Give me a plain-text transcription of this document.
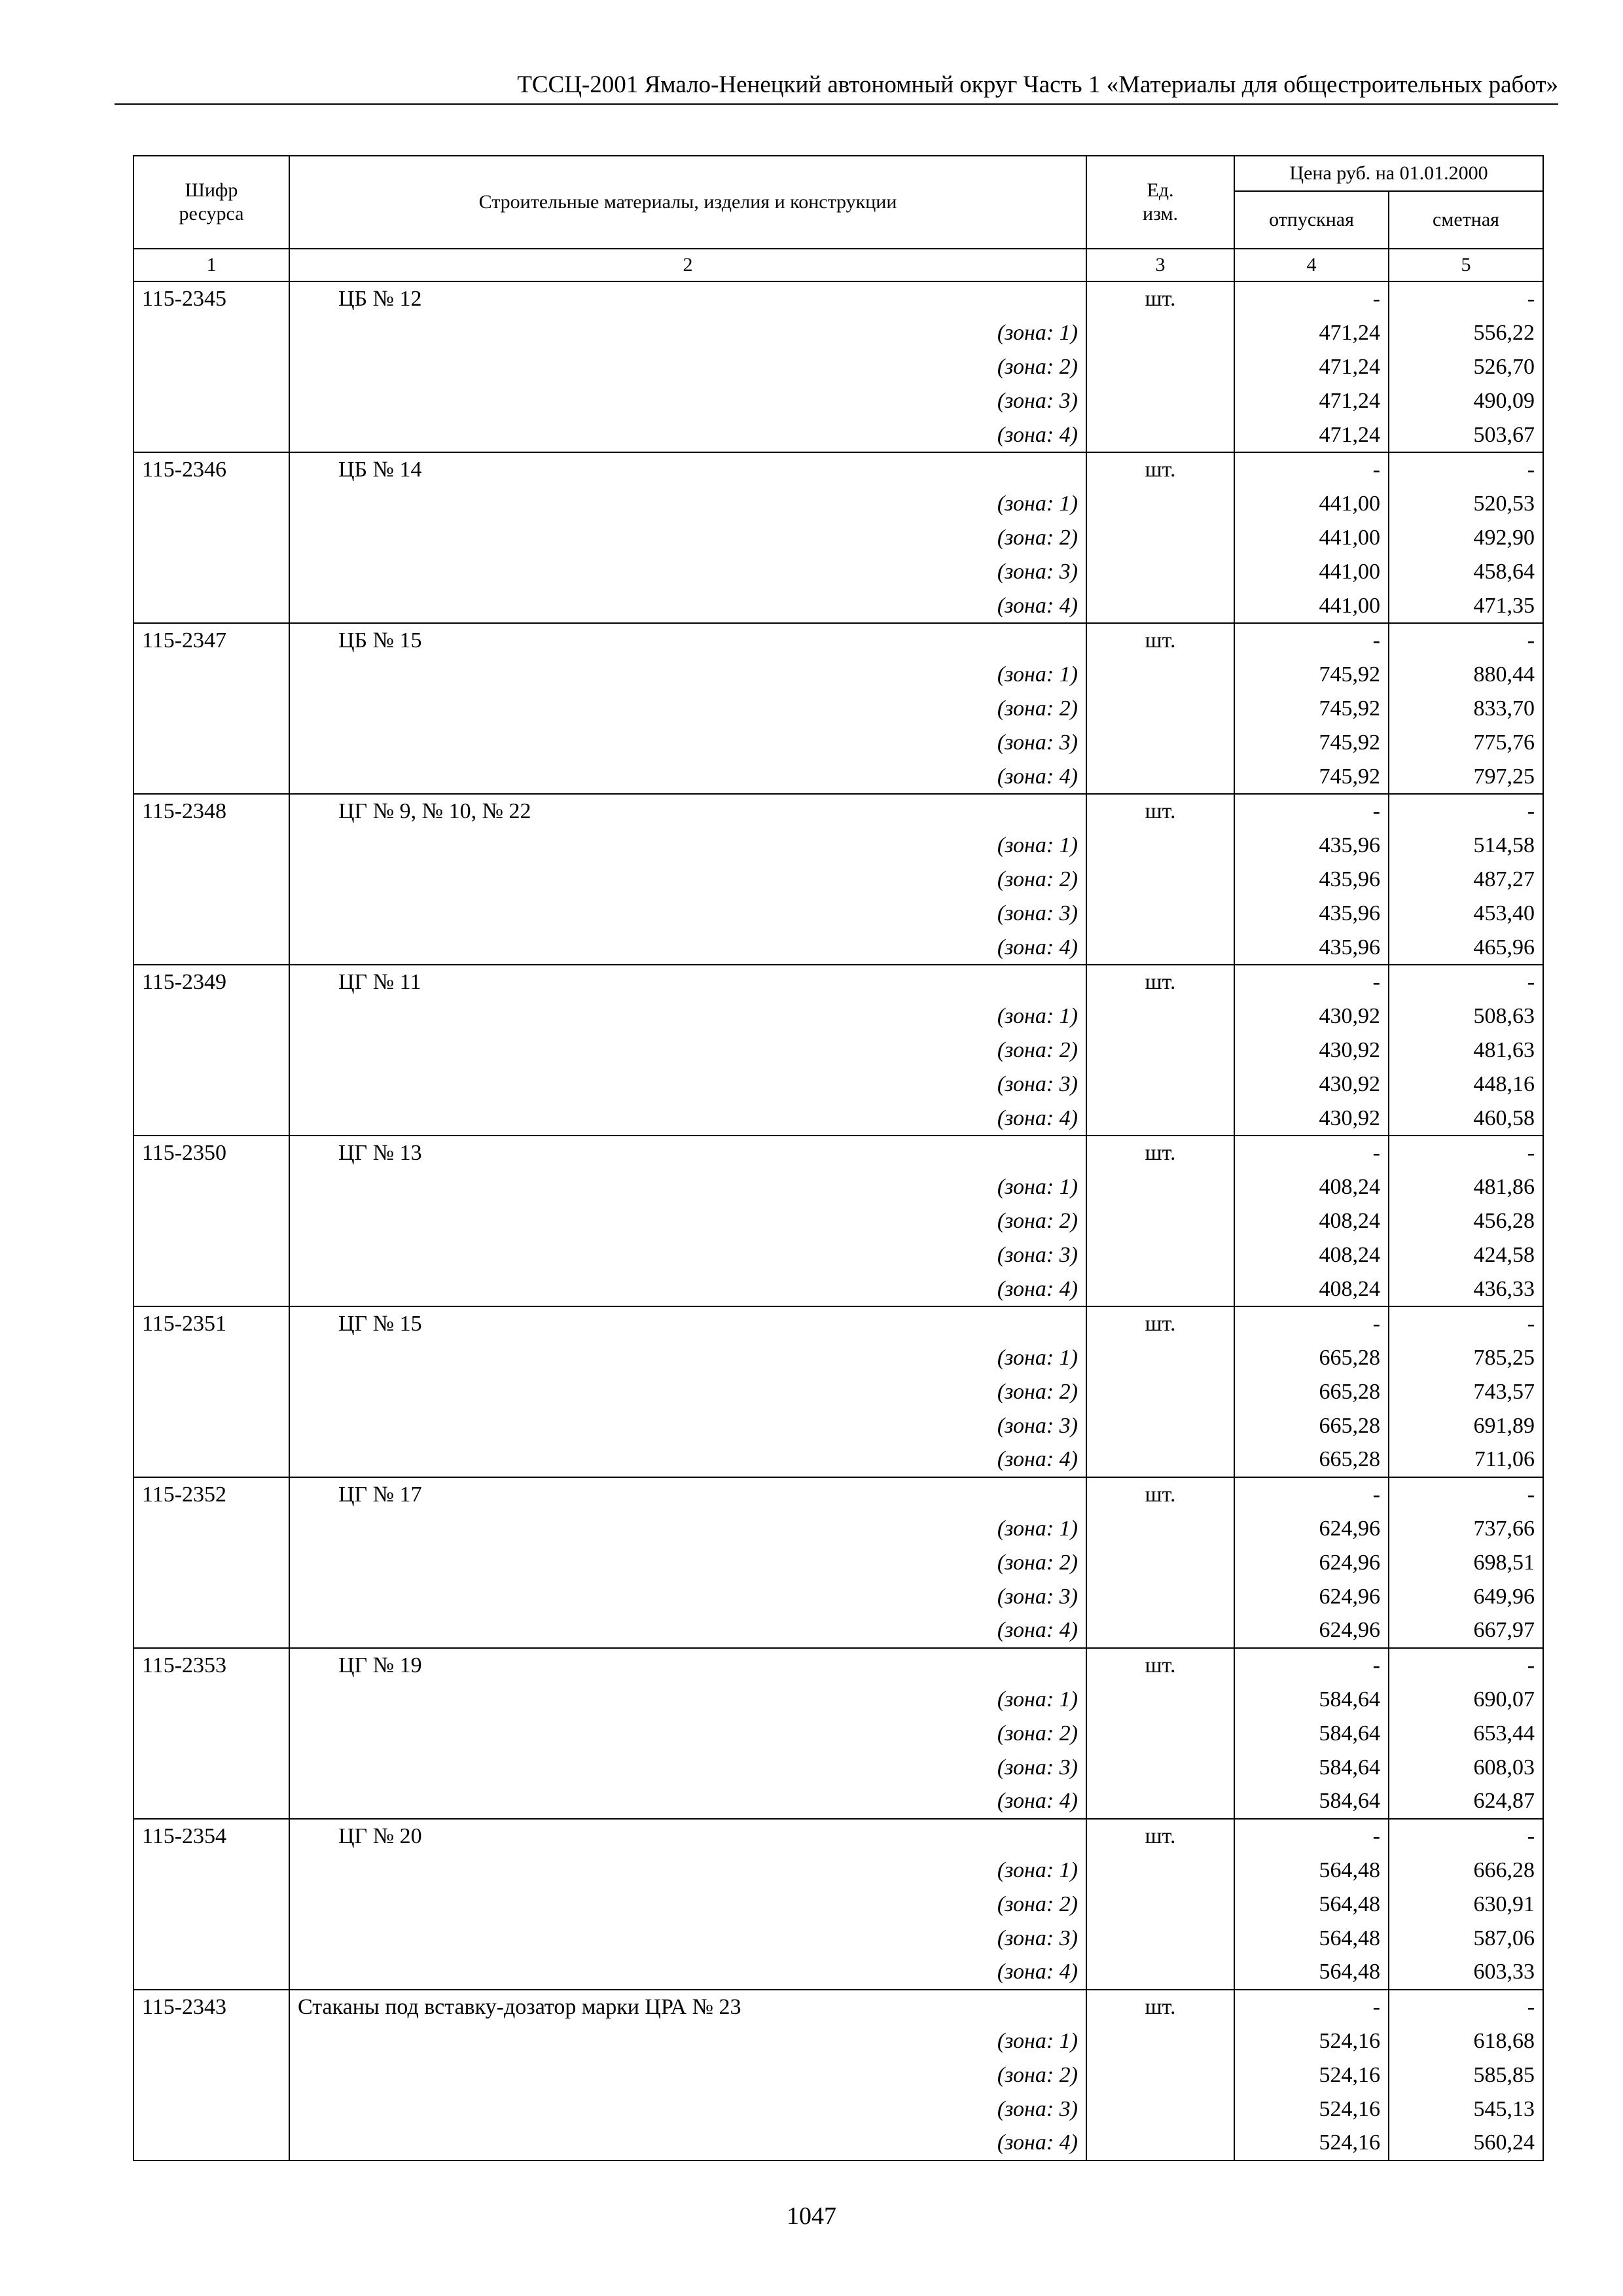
ТССЦ-2001 Ямало-Ненецкий автономный округ Часть 1 «Материалы для общестроительных работ»
Шифр ресурса	Строительные материалы, изделия и конструкции	Ед. изм.	Цена руб. на 01.01.2000	
			отпускная	сметная
1	2	3	4	5
115-2345	ЦБ № 12	шт.	-	-
	(зона: 1)		471,24	556,22
	(зона: 2)		471,24	526,70
	(зона: 3)		471,24	490,09
	(зона: 4)		471,24	503,67
115-2346	ЦБ № 14	шт.	-	-
	(зона: 1)		441,00	520,53
	(зона: 2)		441,00	492,90
	(зона: 3)		441,00	458,64
	(зона: 4)		441,00	471,35
115-2347	ЦБ № 15	шт.	-	-
	(зона: 1)		745,92	880,44
	(зона: 2)		745,92	833,70
	(зона: 3)		745,92	775,76
	(зона: 4)		745,92	797,25
115-2348	ЦГ № 9, № 10, № 22	шт.	-	-
	(зона: 1)		435,96	514,58
	(зона: 2)		435,96	487,27
	(зона: 3)		435,96	453,40
	(зона: 4)		435,96	465,96
115-2349	ЦГ № 11	шт.	-	-
	(зона: 1)		430,92	508,63
	(зона: 2)		430,92	481,63
	(зона: 3)		430,92	448,16
	(зона: 4)		430,92	460,58
115-2350	ЦГ № 13	шт.	-	-
	(зона: 1)		408,24	481,86
	(зона: 2)		408,24	456,28
	(зона: 3)		408,24	424,58
	(зона: 4)		408,24	436,33
115-2351	ЦГ № 15	шт.	-	-
	(зона: 1)		665,28	785,25
	(зона: 2)		665,28	743,57
	(зона: 3)		665,28	691,89
	(зона: 4)		665,28	711,06
115-2352	ЦГ № 17	шт.	-	-
	(зона: 1)		624,96	737,66
	(зона: 2)		624,96	698,51
	(зона: 3)		624,96	649,96
	(зона: 4)		624,96	667,97
115-2353	ЦГ № 19	шт.	-	-
	(зона: 1)		584,64	690,07
	(зона: 2)		584,64	653,44
	(зона: 3)		584,64	608,03
	(зона: 4)		584,64	624,87
115-2354	ЦГ № 20	шт.	-	-
	(зона: 1)		564,48	666,28
	(зона: 2)		564,48	630,91
	(зона: 3)		564,48	587,06
	(зона: 4)		564,48	603,33
115-2343	Стаканы под вставку-дозатор марки ЦРА № 23	шт.	-	-
	(зона: 1)		524,16	618,68
	(зона: 2)		524,16	585,85
	(зона: 3)		524,16	545,13
	(зона: 4)		524,16	560,24
1047
